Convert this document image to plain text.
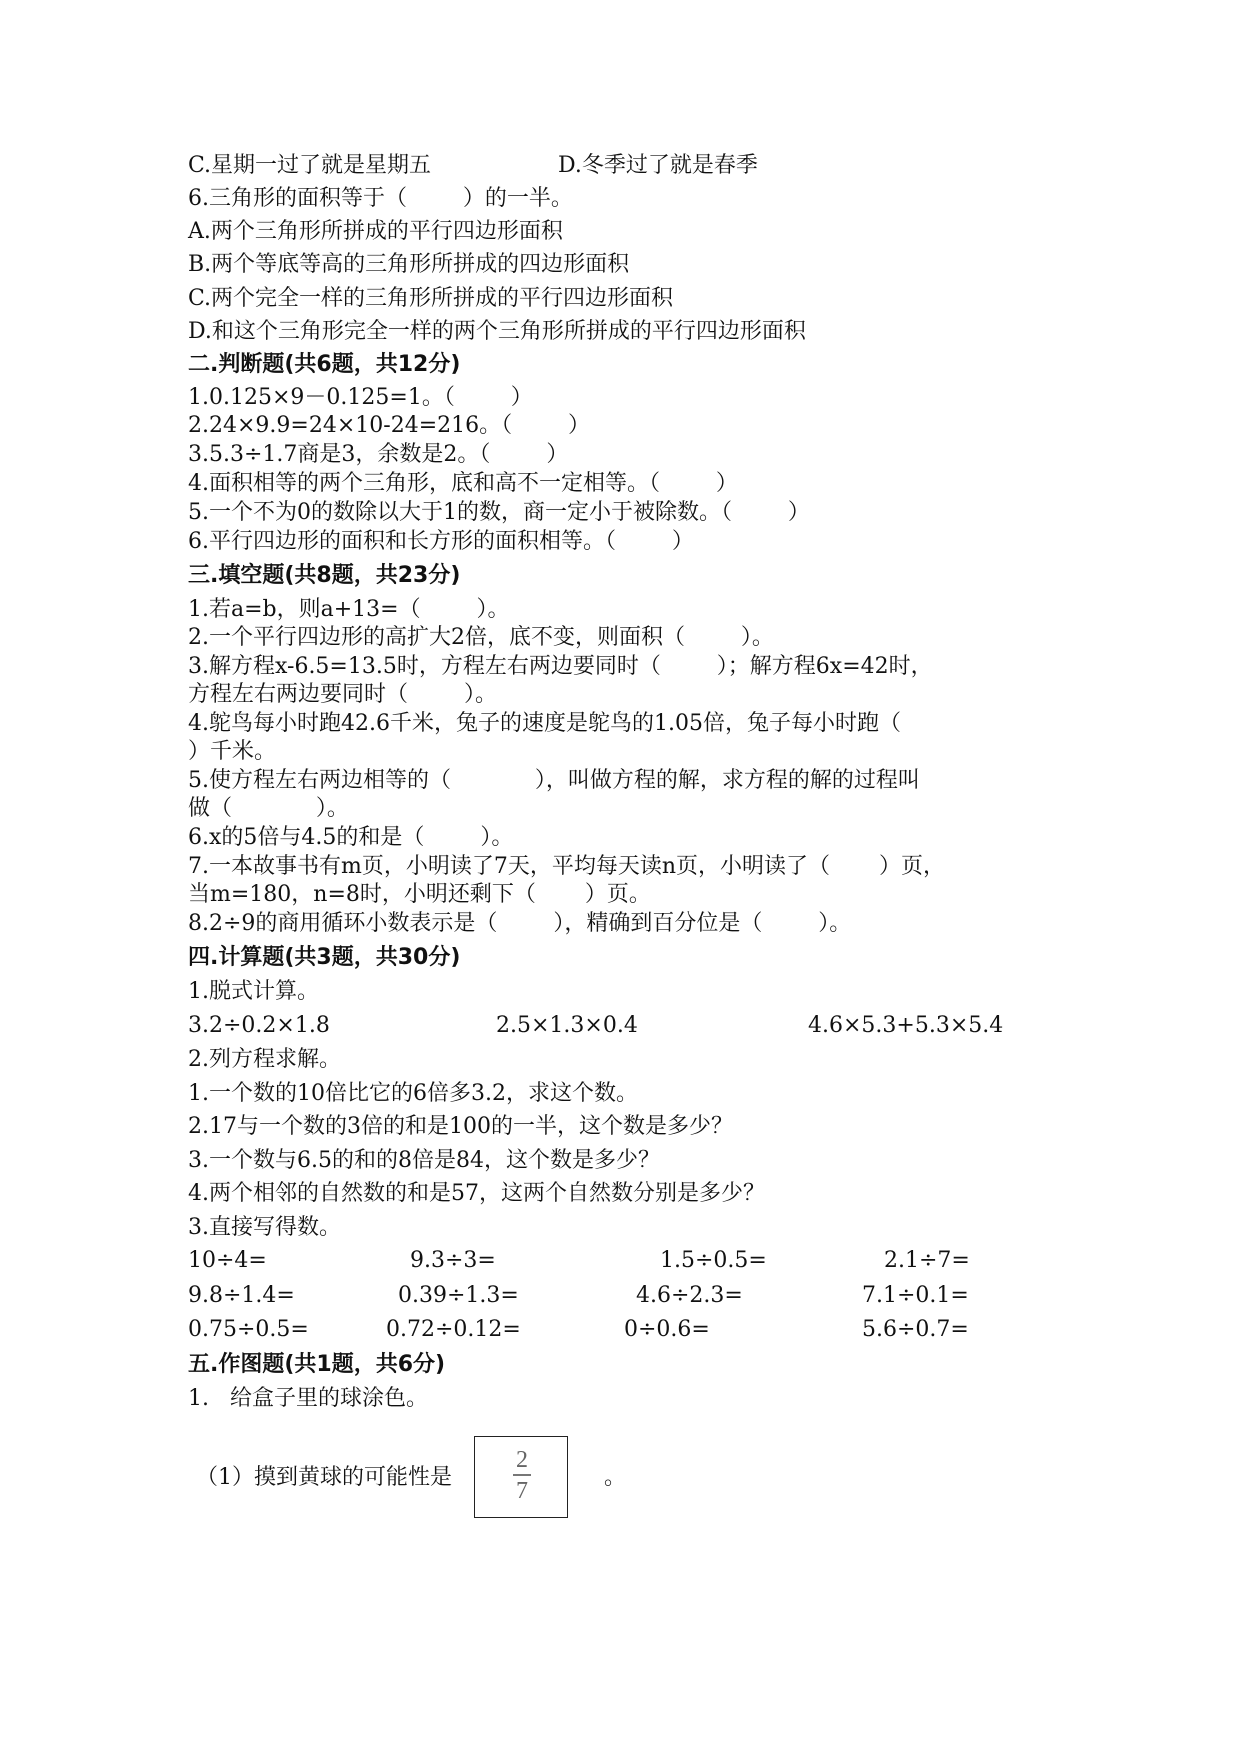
C.星期一过了就是星期五	D.冬季过了就是春季
6.三角形的面积等于（        ）的一半。
A.两个三角形所拼成的平行四边形面积
B.两个等底等高的三角形所拼成的四边形面积
C.两个完全一样的三角形所拼成的平行四边形面积
D.和这个三角形完全一样的两个三角形所拼成的平行四边形面积
二.判断题(共6题，共12分)
1.0.125×9－0.125=1。（        ）
2.24×9.9=24×10-24=216。（        ）
3.5.3÷1.7商是3，余数是2。（        ）
4.面积相等的两个三角形，底和高不一定相等。（        ）
5.一个不为0的数除以大于1的数，商一定小于被除数。（        ）
6.平行四边形的面积和长方形的面积相等。（        ）
三.填空题(共8题，共23分)
1.若a=b，则a+13=（        ）。
2.一个平行四边形的高扩大2倍，底不变，则面积（        ）。
3.解方程x-6.5=13.5时，方程左右两边要同时（        ）；解方程6x=42时，
方程左右两边要同时（        ）。
4.鸵鸟每小时跑42.6千米，兔子的速度是鸵鸟的1.05倍，兔子每小时跑（
）千米。
5.使方程左右两边相等的（            ），叫做方程的解，求方程的解的过程叫
做（            ）。
6.x的5倍与4.5的和是（        ）。
7.一本故事书有m页，小明读了7天，平均每天读n页，小明读了（       ）页，
当m=180，n=8时，小明还剩下（       ）页。
8.2÷9的商用循环小数表示是（        ），精确到百分位是（        ）。
四.计算题(共3题，共30分)
1.脱式计算。
3.2÷0.2×1.8	2.5×1.3×0.4	4.6×5.3+5.3×5.4
2.列方程求解。
1.一个数的10倍比它的6倍多3.2，求这个数。
2.17与一个数的3倍的和是100的一半，这个数是多少？
3.一个数与6.5的和的8倍是84，这个数是多少？
4.两个相邻的自然数的和是57，这两个自然数分别是多少？
3.直接写得数。
10÷4=	9.3÷3=	1.5÷0.5=	2.1÷7=
9.8÷1.4=	0.39÷1.3=	4.6÷2.3=	7.1÷0.1=
0.75÷0.5=	0.72÷0.12=	0÷0.6=	5.6÷0.7=
五.作图题(共1题，共6分)
1.   给盒子里的球涂色。
（1）摸到黄球的可能性是
2
7	。
